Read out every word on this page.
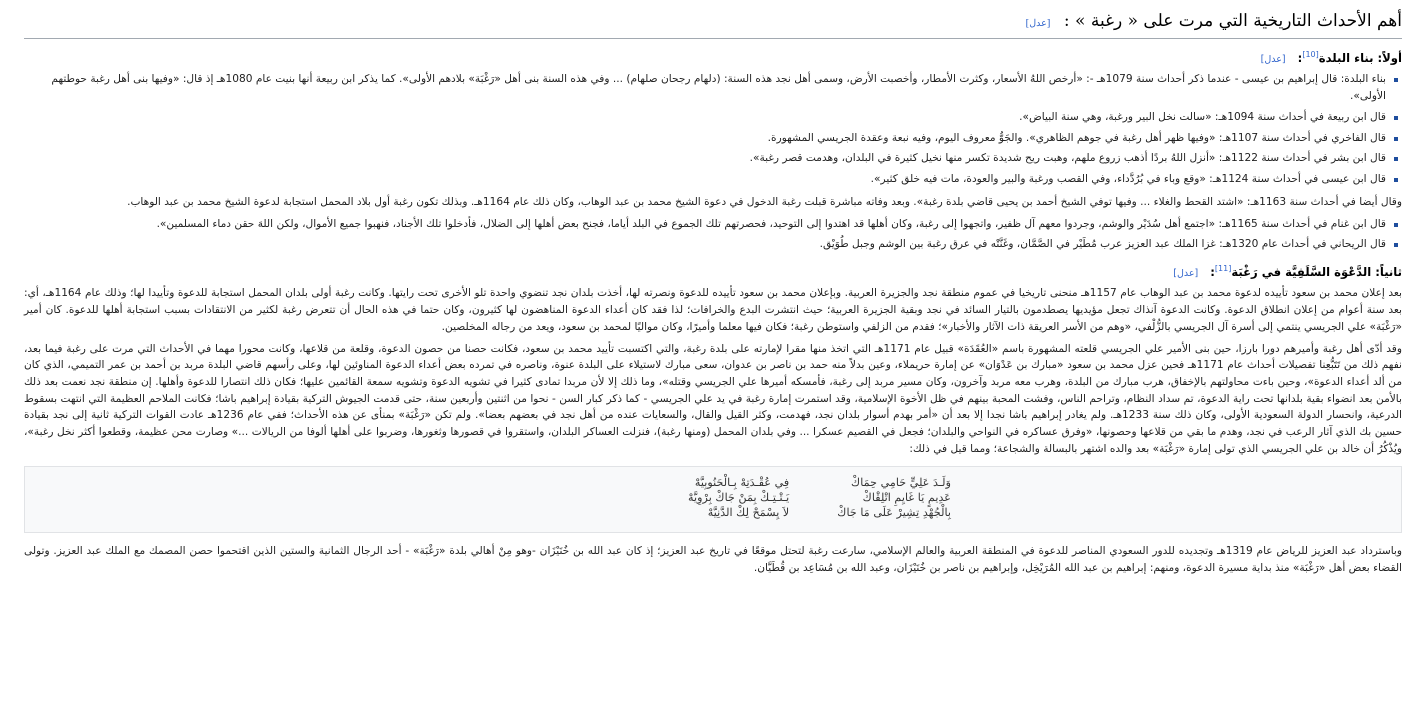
أهم الأحداث التاريخية التي مرت على « رغبة » : [عدل]
أولاً: بناء البلدة[10]: [عدل]
بناء البلدة: قال إبراهيم بن عيسى - عندما ذكر أحداث سنة 1079هـ -: «أرخص اللهُ الأسعار، وكثرت الأمطار، وأخصبت الأرض، وسمى أهل نجد هذه السنة: (دلهام رجحان صلهام) ... وفي هذه السنة بنى أهل «رَغْبَة» بلادهم الأولى». كما يذكر ابن ربيعة أنها بنيت عام 1080هـ إذ قال: «وفيها بنى أهل رغبة حوطتهم الأولى».
قال ابن ربيعة في أحداث سنة 1094هـ: «سالت نخل البير ورغبة، وهي سنة البياض».
قال الفاخري في أحداث سنة 1107هـ: «وفيها ظهر أهل رغبة في جوهم الظاهري». والجَوُّ معروف اليوم، وفيه نبعة وعقدة الجريسي المشهورة.
قال ابن بشر في أحداث سنة 1122هـ: «أنزل اللهُ بردًا أذهب زروع ملهم، وهبت ريح شديدة تكسر منها نخيل كثيرة في البلدان، وهدمت قصر رغبة».
قال ابن عيسى في أحداث سنة 1124هـ: «وقع وباء في بُرُدَّداء، وفي القصب ورغبة والبير والعودة، مات فيه خلق كثير».

وقال أيضا في أحداث سنة 1163هـ: «اشتد القحط والغلاء ... وفيها توفي الشيخ أحمد بن يحيى قاضي بلدة رغبة». وبعد وفاته مباشرة قبلت رغبة الدخول في دعوة الشيخ محمد بن عبد الوهاب، وكان ذلك عام 1164هـ. وبذلك تكون رغبة أول بلاد المحمل استجابة لدعوة الشيخ محمد بن عبد الوهاب.

قال ابن غنام في أحداث سنة 1165هـ: «اجتمع أهل سُدَيْر والوشم، وجردوا معهم آل ظفير، واتجهوا إلى رغبة، وكان أهلها قد اهتدوا إلى التوحيد، فحصرتهم تلك الجموع في البلد أياما، فجنح بعض أهلها إلى الضلال، فأدخلوا تلك الأجناد، فنهبوا جميع الأموال، ولكن اللهَ حقن دماء المسلمين».
قال الريحاني في أحداث عام 1320هـ: غزا الملك عبد العزيز عرب مُطَيْر في الصَّمَّان، وغَنَّتْه في عرق رغبة بين الوشم وجبل طُوَيْق.
ثانياً: الدَّعْوَة السَّلَفِيَّة في رَغْبَة[11]: [عدل]

بعد إعلان محمد بن سعود تأييده لدعوة محمد بن عبد الوهاب عام 1157هـ منحنى تاريخيا في عموم منطقة نجد والجزيرة العربية. وبإعلان محمد بن سعود تأييده للدعوة ونصرته لها، أخذت بلدان نجد تنضوي واحدة تلو الأخرى تحت رايتها. وكانت رغبة أولى بلدان المحمل استجابة للدعوة وتأييدا لها؛ وذلك عام 1164هـ، أي: بعد سنة أعوام من إعلان انطلاق الدعوة. وكانت الدعوة آنذاك تجعل مؤيديها يصطدمون بالتيار السائد في نجد وبقية الجزيرة العربية؛ حيث انتشرت البدع والخرافات؛ لذا فقد كان أعداء الدعوة المناهضون لها كثيرون، وكان حتما في هذه الحال أن تتعرض رغبة لكثير من الانتقادات بسبب استجابة أهلها للدعوة. كان أمير «رَغْبَة» علي الجريسي ينتمي إلى أسرة آل الجريسي بالزُّلْفي، «وهم من الأسر العريقة ذات الآثار والأخبار»؛ فقدم من الزلفي واستوطن رغبة؛ فكان فيها معلما وأميرًا، وكان مواليًا لمحمد بن سعود، ويعد من رجاله المخلصين.

وقد أدّى أهل رغبة وأميرهم دورا بارزا، حين بنى الأمير علي الجريسي قلعته المشهورة باسم «العُقَدَة» قبيل عام 1171هـ التي اتخذ منها مقرا لإمارته على بلدة رغبة، والتي اكتسبت تأييد محمد بن سعود، فكانت حصنا من حصون الدعوة، وقلعة من قلاعها، وكانت محورا مهما في الأحداث التي مرت على رغبة فيما بعد، نفهم ذلك من تَتَبُّعِنا تفصيلات أحداث عام 1171هـ فحين عزل محمد بن سعود «مبارك بن عَدْوَان» عن إمارة حريملاء، وعين بدلاً منه حمد بن ناصر بن عدوان، سعى مبارك لاستيلاء على البلدة عنوة، وناصره في تمرده بعض أعداء الدعوة المناوئين لها، وعلى رأسهم قاضي البلدة مربد بن أحمد بن عمر التميمي، الذي كان من ألد أعداء الدعوة»، وحين باءت محاولتهم بالإخفاق، هرب مبارك من البلدة، وهرب معه مربد وآخرون، وكان مسير مربد إلى رغبة، فأمسكه أميرها علي الجريسي وقتله»، وما ذلك إلا لأن مربدا تمادى كثيرا في تشويه الدعوة وتشويه سمعة القائمين عليها؛ فكان ذلك انتصارا للدعوة وأهلها. إن منطقة نجد نعمت بعد ذلك بالأمن بعد انضواء بقية بلدانها تحت راية الدعوة، تم سداد النظام، وتراحم الناس، وفشت المحبة بينهم في ظل الأخوة الإسلامية، وقد استمرت إمارة رغبة في يد علي الجريسي - كما ذكر كبار السن - نحوا من اثنتين وأربعين سنة، حتى قدمت الجيوش التركية بقيادة إبراهيم باشا؛ فكانت الملاحم العظيمة التي انتهت بسقوط الدرعية، وانحسار الدولة السعودية الأولى، وكان ذلك سنة 1233هـ. ولم يغادر إبراهيم باشا نجدا إلا بعد أن «أمر بهدم أسوار بلدان نجد، فهدمت، وكثر القيل والقال، والسعايات عنده من أهل نجد في بعضهم بعضا». ولم تكن «رَغْبَة» بمنأى عن هذه الأحداث؛ ففي عام 1236هـ عادت القوات التركية ثانية إلى نجد بقيادة حسين بك الذي آثار الرعب في نجد، وهدم ما بقي من قلاعها وحصونها، «وفرق عساكره في النواحي والبلدان؛ فجعل في القصيم عسكرا ... وفي بلدان المحمل (ومنها رغبة)، فنزلت العساكر البلدان، واستقروا في قصورها وثغورها، وضربوا على أهلها ألوفا من الريالات ...» وصارت محن عظيمة، وقطعوا أكثر نخل رغبة»، ويُذْكُرُ أن خالد بن علي الجريسي الذي تولى إمارة «رَغْبَة» بعد والده اشتهر بالبسالة والشجاعة؛ ومما قيل في ذلك:

وَلَـدَ عَلِيٍّ حَامِي حِمَاكْ	فِي عُقْـدَتِهْ بِـالْحَنُوبِيَّهْ
عَدِيمٍ يَا غَايِمِ اتْلِقْاكْ	يَـتْـتِـكْ بِمَنْ جَاكْ بِرْوِيَّهْ
بِالْجُهْدِ تِشِيرْ عَلَى مَا جَاكْ	لاَ يِسْمَحْ لِكْ الدَّنِيَّهْ

وباسترداد عبد العزيز للرياض عام 1319هـ وتجديده للدور السعودي المناصر للدعوة في المنطقة العربية والعالم الإسلامي، سارعت رغبة لتحتل موقعًا في تاريخ عبد العزيز؛ إذ كان عبد الله بن خُنَيْزَان -وهو مِنْ أهالي بلدة «رَغْبَة» - أحد الرجال الثمانية والستين الذين اقتحموا حصن المصمك مع الملك عبد العزيز. وتولى القضاء بعض أهل «رَغْبَة» منذ بداية مسيرة الدعوة، ومنهم: إبراهيم بن عبد الله المُرَيْخِل، وإبراهيم بن ناصر بن خُنَيْزَان، وعبد الله بن مُسَاعِد بن قُطَيَّان.
